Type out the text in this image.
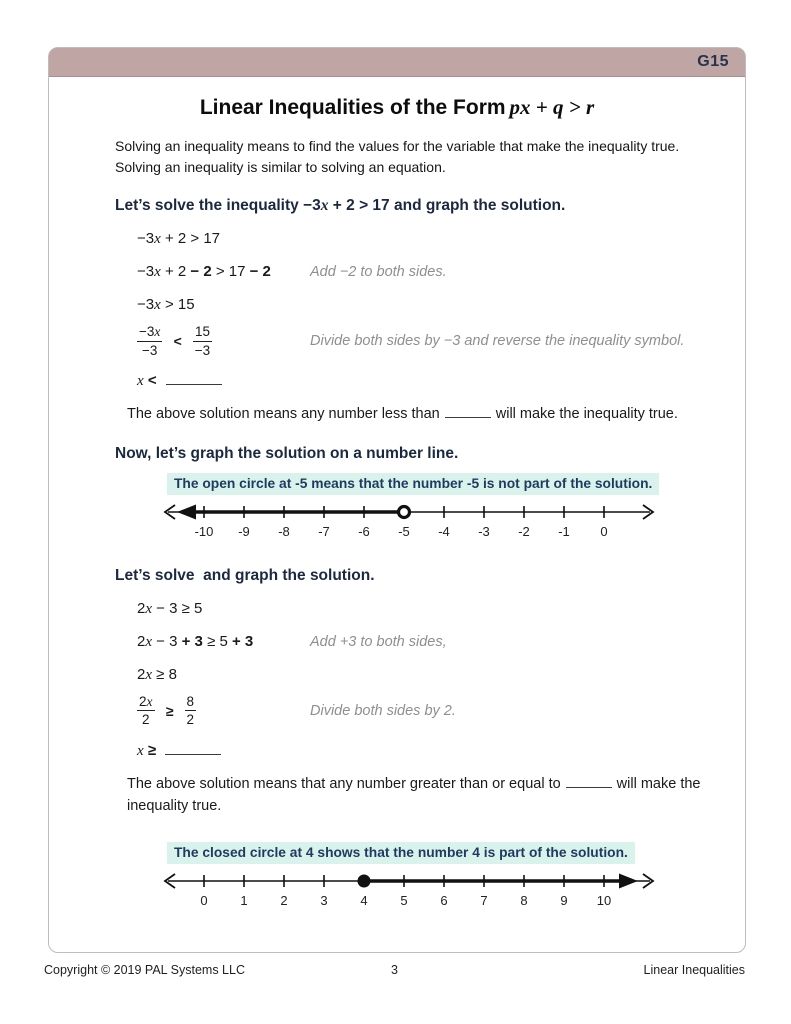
G15
Linear Inequalities of the Form px + q > r

Solving an inequality means to find the values for the variable that make the inequality true. Solving an inequality is similar to solving an equation.

Let’s solve the inequality −3x + 2 > 17 and graph the solution.
−3x + 2 > 17
−3x + 2 − 2 > 17 − 2	Add −2 to both sides.
−3x > 15
$\frac{-3x}{-3} < \frac{15}{-3}$	Divide both sides by −3 and reverse the inequality symbol.
x <

The above solution means any number less than	will make the inequality true.

Now, let’s graph the solution on a number line.
The open circle at -5 means that the number -5 is not part of the solution.
-10 -9 -8 -7 -6 -5 -4 -3 -2 -1 0
Let’s solve  and graph the solution.
2x − 3 ≥ 5
2x − 3 + 3 ≥ 5 + 3	Add +3 to both sides,
2x ≥ 8
$\frac{2x}{2} \ge \frac{8}{2}$	Divide both sides by 2.
x ≥

The above solution means that any number greater than or equal to	will make the inequality true.

The closed circle at 4 shows that the number 4 is part of the solution.
0	1	2	3	4	5	6	7	8	9 10
Copyright © 2019 PAL Systems LLC	3	Linear Inequalities
